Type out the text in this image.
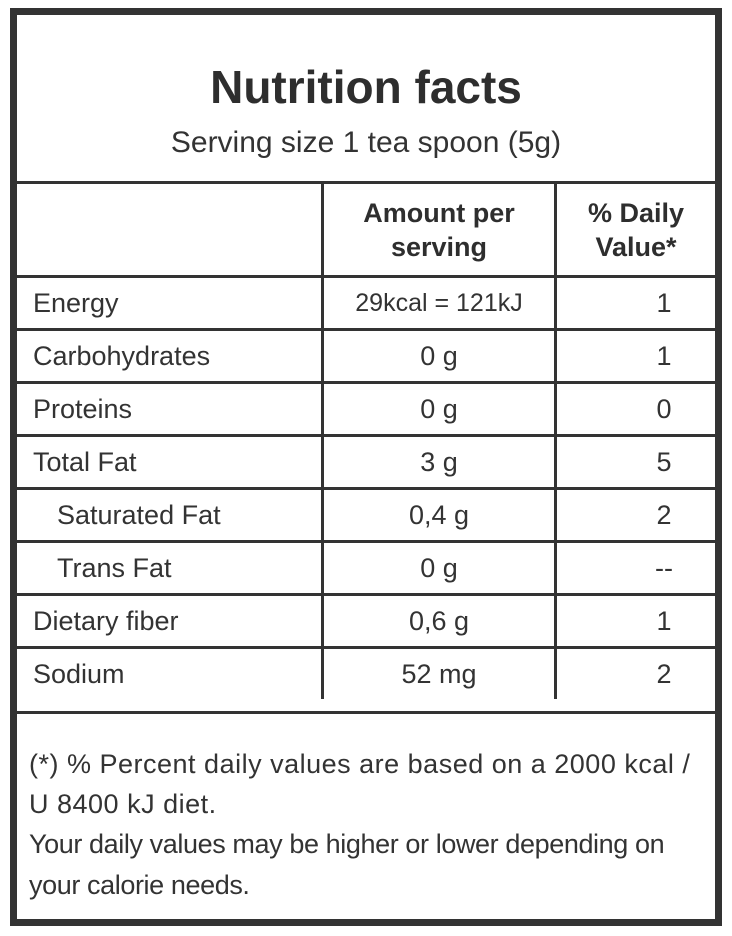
Nutrition facts
Serving size 1 tea spoon (5g)
	Amount per serving	% Daily Value*
Energy	29kcal = 121kJ	1
Carbohydrates	0 g	1
Proteins	0 g	0
Total Fat	3 g	5
Saturated Fat	0,4 g	2
Trans Fat	0 g	--
Dietary fiber	0,6 g	1
Sodium	52 mg	2

(*) % Percent daily values are based on a 2000 kcal / U 8400 kJ diet.

Your daily values may be higher or lower depending on your calorie needs.
